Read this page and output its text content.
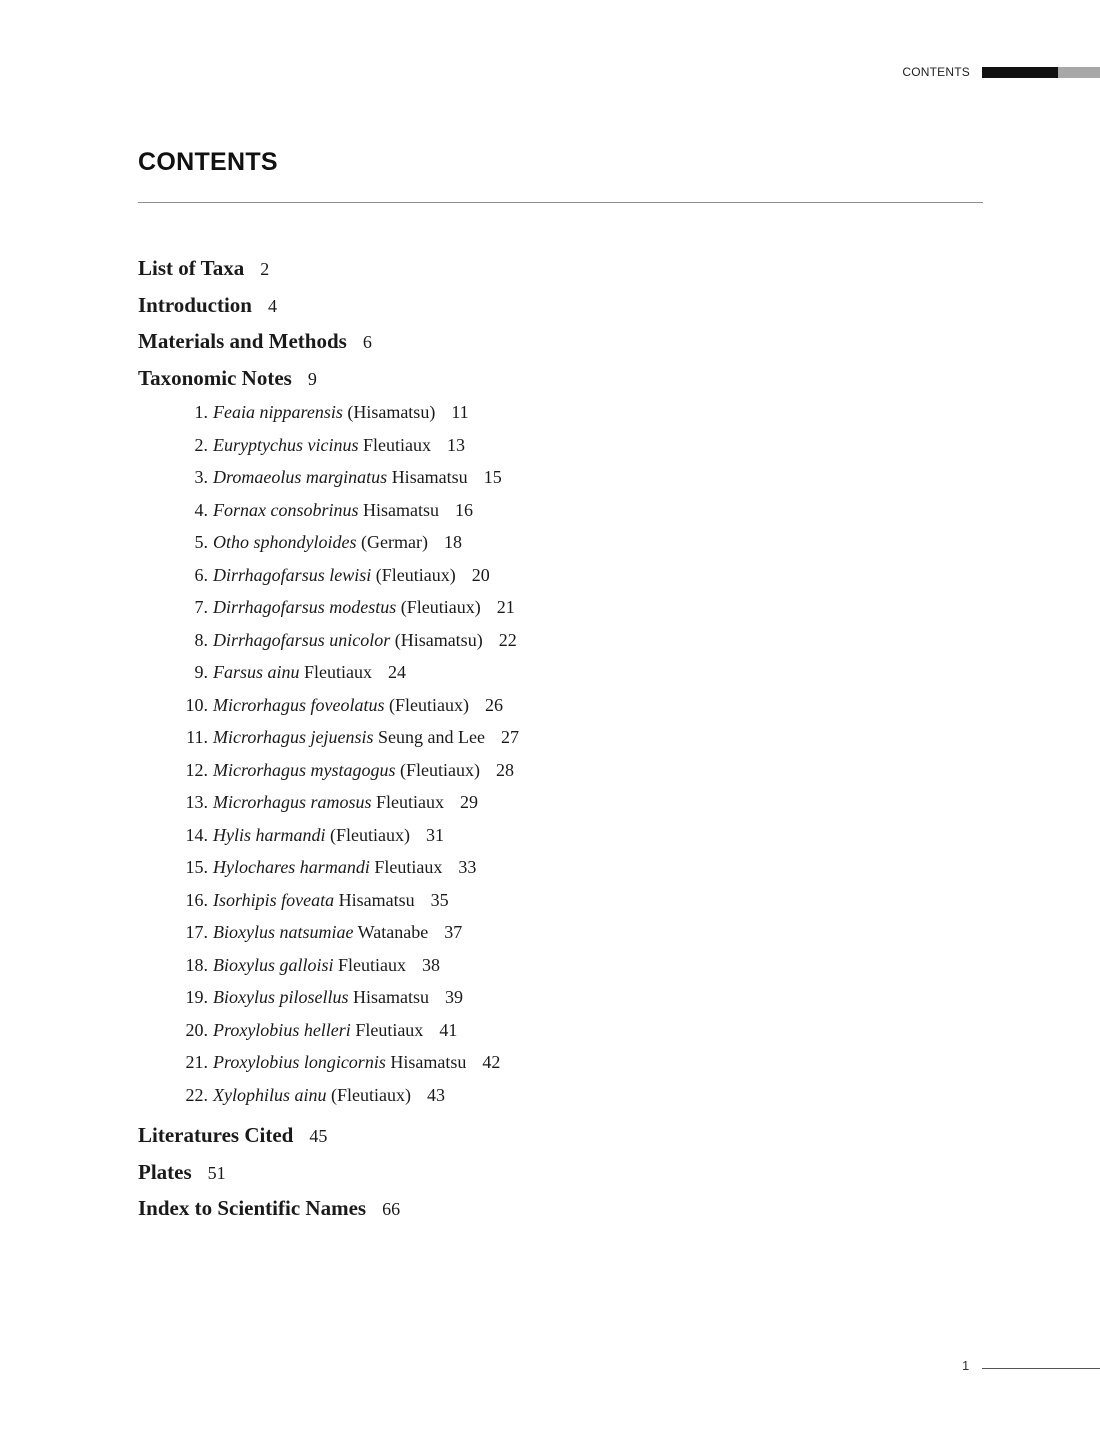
CONTENTS
CONTENTS
List of Taxa 2
Introduction 4
Materials and Methods 6
Taxonomic Notes 9
1. Feaia nipparensis (Hisamatsu) 11
2. Euryptychus vicinus Fleutiaux 13
3. Dromaeolus marginatus Hisamatsu 15
4. Fornax consobrinus Hisamatsu 16
5. Otho sphondyloides (Germar) 18
6. Dirrhagofarsus lewisi (Fleutiaux) 20
7. Dirrhagofarsus modestus (Fleutiaux) 21
8. Dirrhagofarsus unicolor (Hisamatsu) 22
9. Farsus ainu Fleutiaux 24
10. Microrhagus foveolatus (Fleutiaux) 26
11. Microrhagus jejuensis Seung and Lee 27
12. Microrhagus mystagogus (Fleutiaux) 28
13. Microrhagus ramosus Fleutiaux 29
14. Hylis harmandi (Fleutiaux) 31
15. Hylochares harmandi Fleutiaux 33
16. Isorhipis foveata Hisamatsu 35
17. Bioxylus natsumiae Watanabe 37
18. Bioxylus galloisi Fleutiaux 38
19. Bioxylus pilosellus Hisamatsu 39
20. Proxylobius helleri Fleutiaux 41
21. Proxylobius longicornis Hisamatsu 42
22. Xylophilus ainu (Fleutiaux) 43
Literatures Cited 45
Plates 51
Index to Scientific Names 66
1
